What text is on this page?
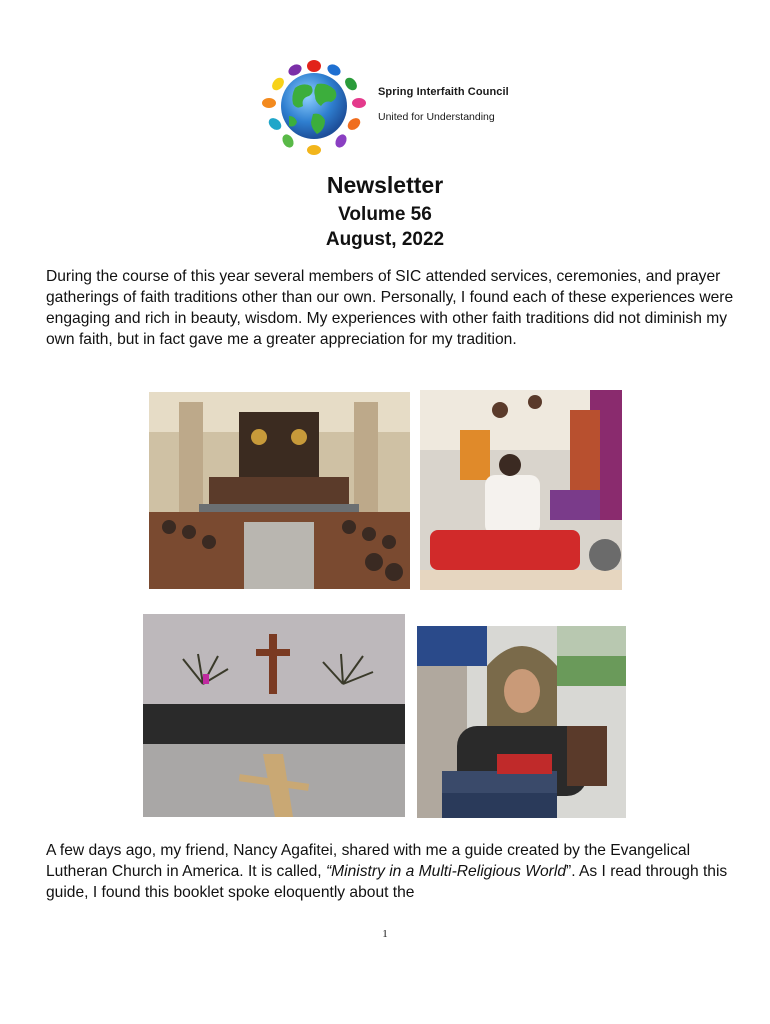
Spring Interfaith Council
United for Understanding
Newsletter
Volume 56
August, 2022
During the course of this year several members of SIC attended services, ceremonies, and prayer gatherings of faith traditions other than our own. Personally, I found each of these experiences were engaging and rich in beauty, wisdom. My experiences with other faith traditions did not diminish my own faith, but in fact gave me a greater appreciation for my tradition.
A few days ago, my friend, Nancy Agafitei, shared with me a guide created by the Evangelical Lutheran Church in America. It is called, “Ministry in a Multi-Religious World”. As I read through this guide, I found this booklet spoke eloquently about the
1
